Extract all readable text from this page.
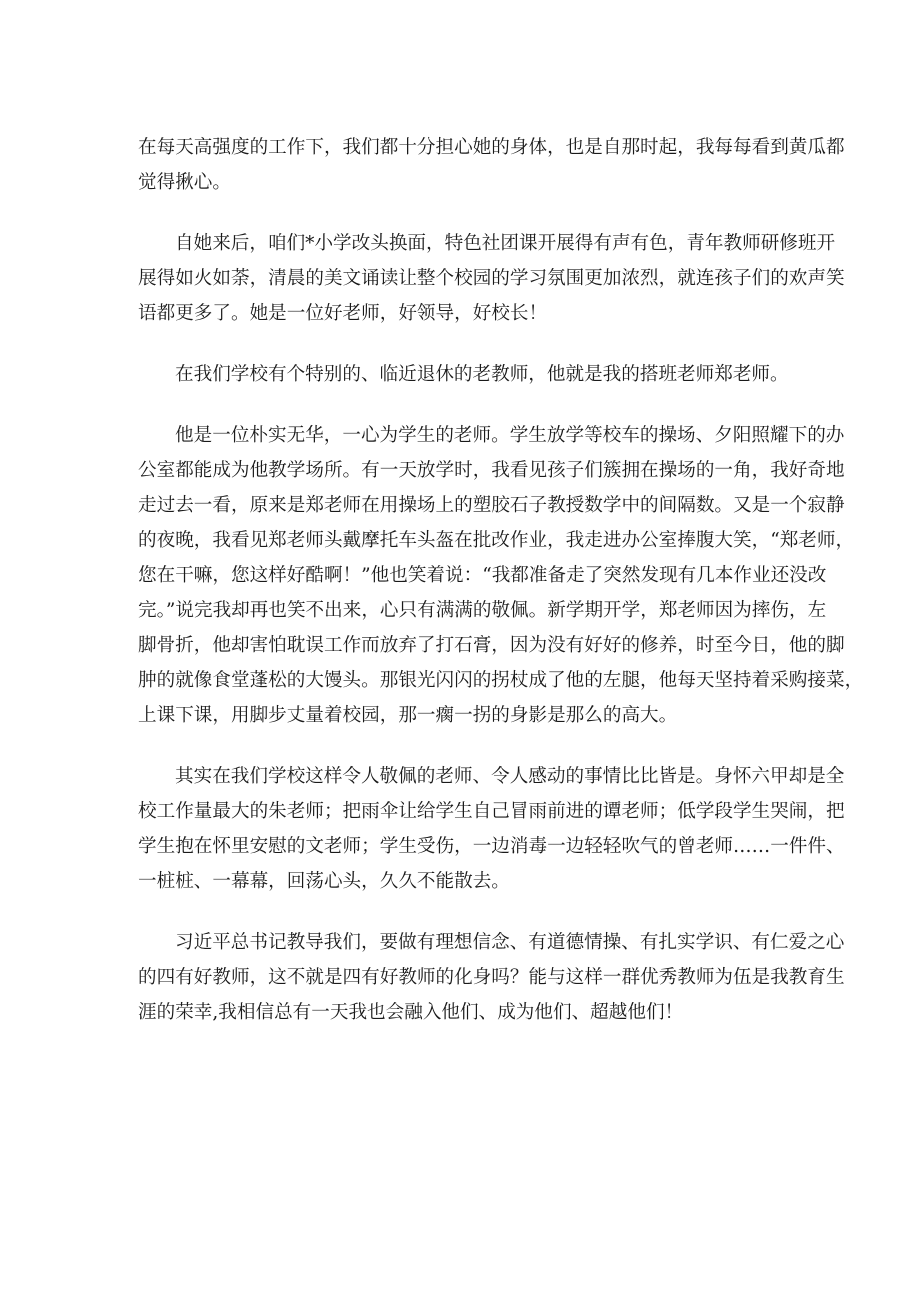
在每天高强度的工作下，我们都十分担心她的身体，也是自那时起，我每每看到黄瓜都
觉得揪心。
自她来后，咱们*小学改头换面，特色社团课开展得有声有色，青年教师研修班开
展得如火如荼，清晨的美文诵读让整个校园的学习氛围更加浓烈，就连孩子们的欢声笑
语都更多了。她是一位好老师，好领导，好校长！
在我们学校有个特别的、临近退休的老教师，他就是我的搭班老师郑老师。
他是一位朴实无华，一心为学生的老师。学生放学等校车的操场、夕阳照耀下的办
公室都能成为他教学场所。有一天放学时，我看见孩子们簇拥在操场的一角，我好奇地
走过去一看，原来是郑老师在用操场上的塑胶石子教授数学中的间隔数。又是一个寂静
的夜晚，我看见郑老师头戴摩托车头盔在批改作业，我走进办公室捧腹大笑，“郑老师，
您在干嘛，您这样好酷啊！”他也笑着说：“我都准备走了突然发现有几本作业还没改
完。”说完我却再也笑不出来，心只有满满的敬佩。新学期开学，郑老师因为摔伤，左
脚骨折，他却害怕耽误工作而放弃了打石膏，因为没有好好的修养，时至今日，他的脚
肿的就像食堂蓬松的大馒头。那银光闪闪的拐杖成了他的左腿，他每天坚持着采购接菜，
上课下课，用脚步丈量着校园，那一瘸一拐的身影是那么的高大。
其实在我们学校这样令人敬佩的老师、令人感动的事情比比皆是。身怀六甲却是全
校工作量最大的朱老师；把雨伞让给学生自己冒雨前进的谭老师；低学段学生哭闹，把
学生抱在怀里安慰的文老师；学生受伤，一边消毒一边轻轻吹气的曾老师……一件件、
一桩桩、一幕幕，回荡心头，久久不能散去。
习近平总书记教导我们，要做有理想信念、有道德情操、有扎实学识、有仁爱之心
的四有好教师，这不就是四有好教师的化身吗？能与这样一群优秀教师为伍是我教育生
涯的荣幸,我相信总有一天我也会融入他们、成为他们、超越他们！
